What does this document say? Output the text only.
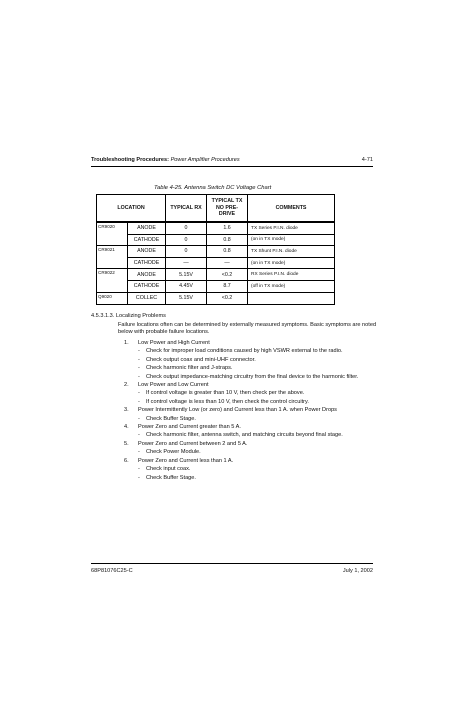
Troubleshooting Procedures: Power Amplifier Procedures	4-71
Table 4-25. Antenna Switch DC Voltage Chart
LOCATION		TYPICAL RX	TYPICAL TX
NO PRE-
DRIVE	COMMENTS
CR9020	ANODE	0	1.6	TX Series P.I.N. diode
	CATHODE	0	0.8	(on in TX mode)
CR9021	ANODE	0	0.8	TX Shunt P.I.N. diode
	CATHODE	—	—	(on in TX mode)
CR9022	ANODE	5.15V	<0.2	RX Series P.I.N. diode
	CATHODE	4.45V	8.7	(off in TX mode)
Q9020	COLLEC	5.15V	<0.2	
4.5.3.1.3. Localizing Problems
Failure locations often can be determined by externally measured symptoms. Basic symptoms are noted below with probable failure locations.
1. Low Power and High Current
- Check for improper load conditions caused by high VSWR external to the radio.
- Check output coax and mini-UHF connector.
- Check harmonic filter and J-straps.
- Check output impedance-matching circuitry from the final device to the harmonic filter.
2. Low Power and Low Current
- If control voltage is greater than 10 V, then check per the above.
- If control voltage is less than 10 V, then check the control circuitry.
3. Power Intermittently Low (or zero) and Current less than 1 A. when Power Drops
- Check Buffer Stage.
4. Power Zero and Current greater than 5 A.
- Check harmonic filter, antenna switch, and matching circuits beyond final stage.
5. Power Zero and Current between 2 and 5 A.
- Check Power Module.
6. Power Zero and Current less than 1 A.
- Check input coax.
- Check Buffer Stage.
68P81076C25-C	July 1, 2002
